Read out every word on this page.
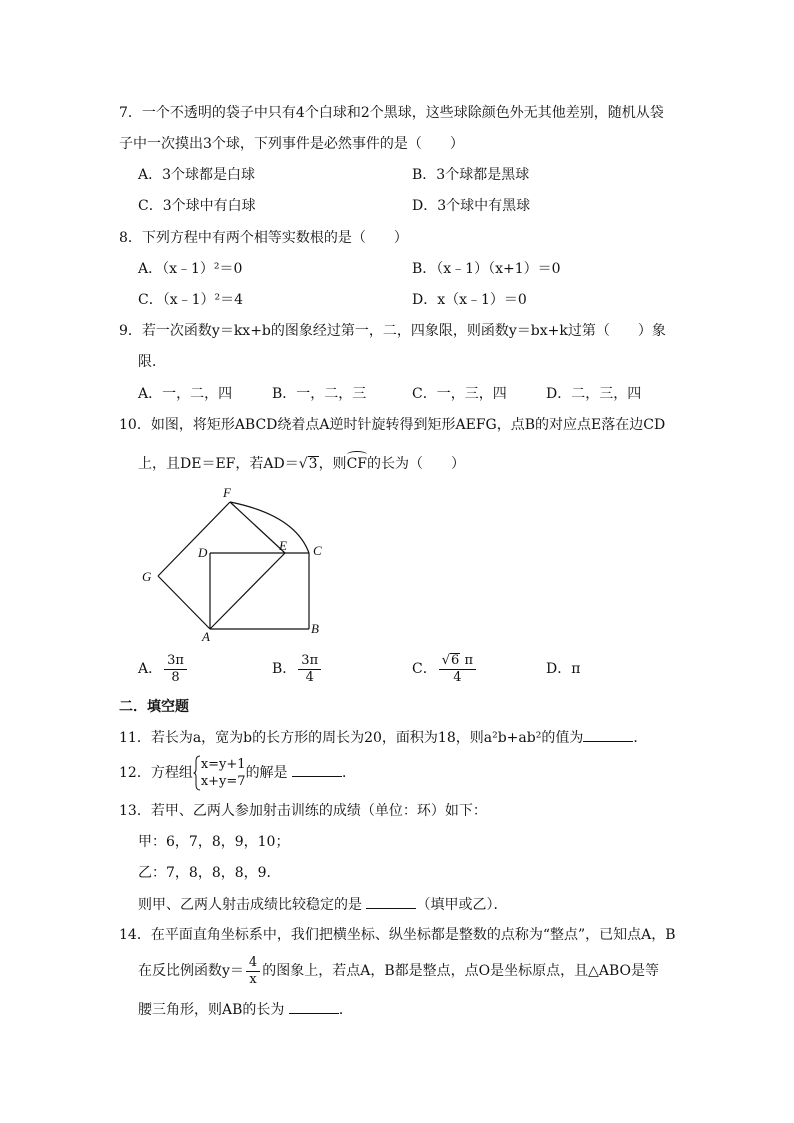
7．一个不透明的袋子中只有4个白球和2个黑球，这些球除颜色外无其他差别，随机从袋
子中一次摸出3个球，下列事件是必然事件的是（　　）
A．3个球都是白球	B．3个球都是黑球
C．3个球中有白球	D．3个球中有黑球
8．下列方程中有两个相等实数根的是（　　）
A．（x﹣1）²＝0	B．（x﹣1）（x+1）＝0
C．（x﹣1）²＝4	D．x（x﹣1）＝0
9．若一次函数y＝kx+b的图象经过第一，二，四象限，则函数y＝bx+k过第（　　）象
限．
A．一，二，四	B．一，二，三	C．一，三，四	D．二，三，四
10．如图，将矩形ABCD绕着点A逆时针旋转得到矩形AEFG，点B的对应点E落在边CD
上，且DE＝EF，若AD＝√3，则CF的长为（　　）
F
D	E C
G
A
B
A． $\frac{3\pi}{8}$	B． $\frac{3\pi}{4}$	C． $\frac{√6 \pi}{4}$	D．π
二．填空题
11．若长为a，宽为b的长方形的周长为20，面积为18，则a²b+ab²的值为	．
12．方程组
x=y+1
x+y=7
的解是	．
13．若甲、乙两人参加射击训练的成绩（单位：环）如下：
甲：6，7，8，9，10；
乙：7，8，8，8，9．
则甲、乙两人射击成绩比较稳定的是	（填甲或乙）．
14．在平面直角坐标系中，我们把横坐标、纵坐标都是整数的点称为“整点”，已知点A，B
在反比例函数$y= \frac{4}{x}$ 的图象上，若点A，B都是整点，点O是坐标原点，且△ABO是等
腰三角形，则AB的长为	．
